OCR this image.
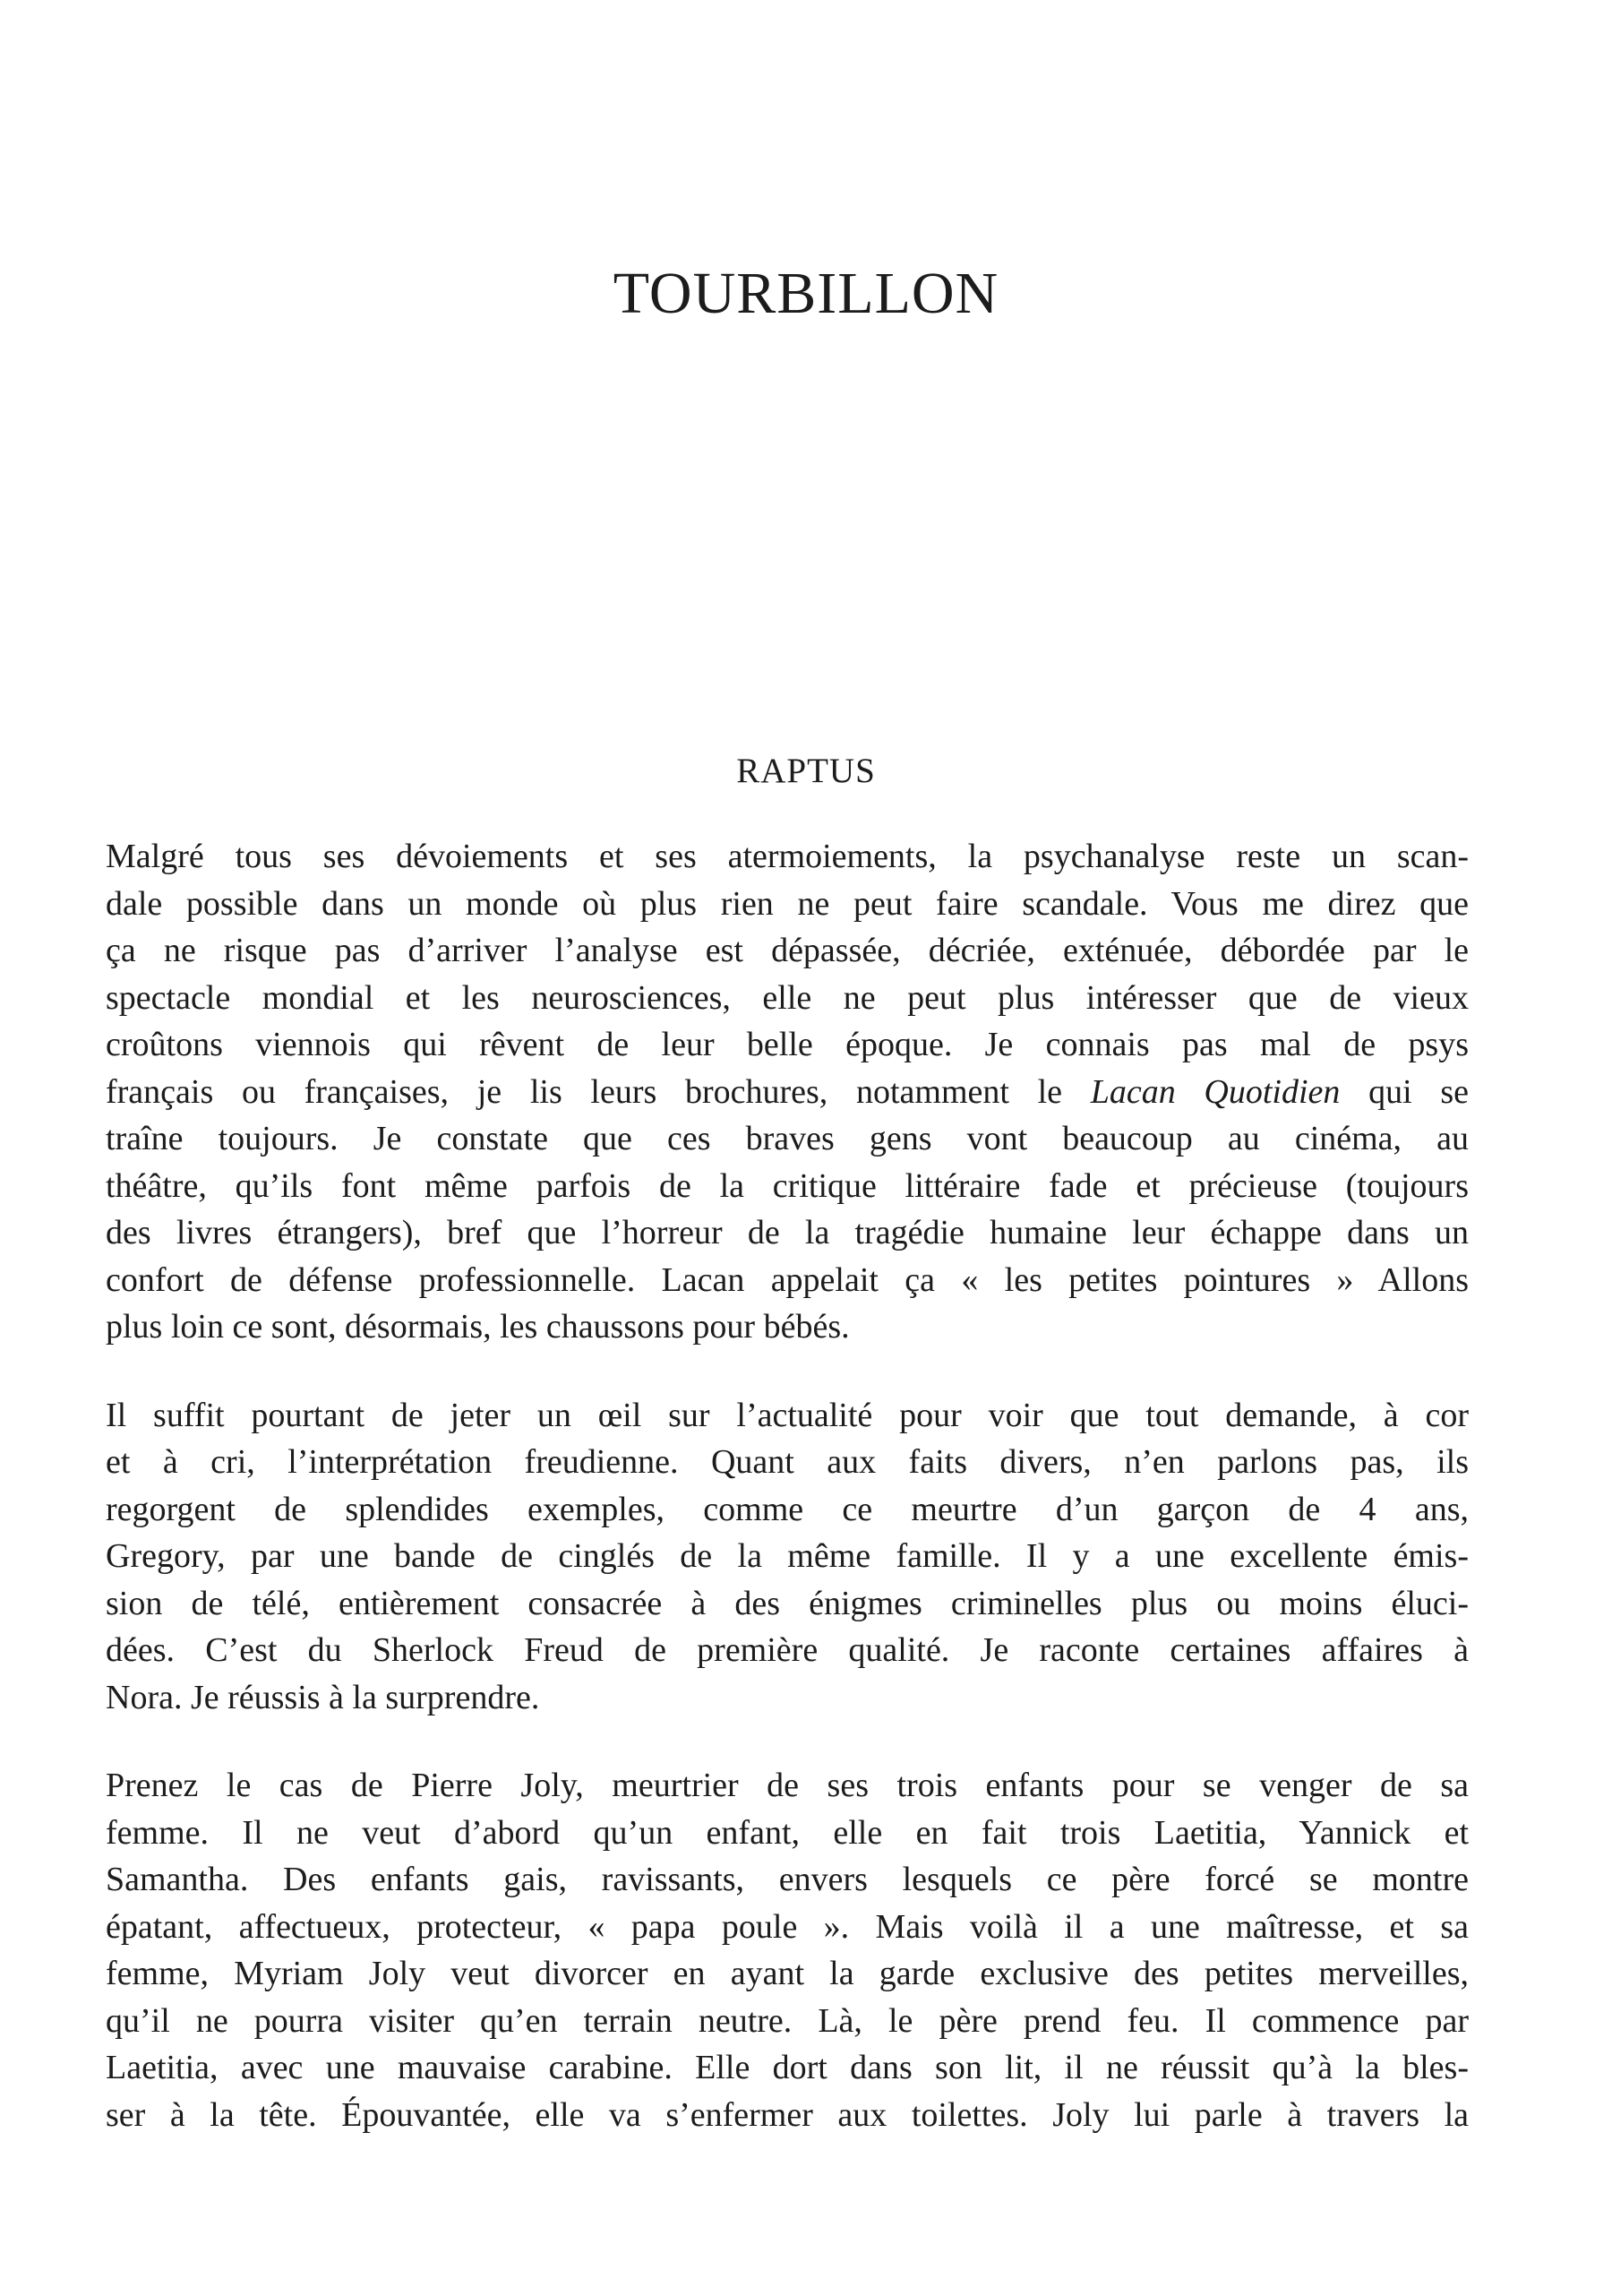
TOURBILLON
RAPTUS

Malgré tous ses dévoiements et ses atermoiements, la psychanalyse reste un scan-
dale possible dans un monde où plus rien ne peut faire scandale. Vous me direz que
ça ne risque pas d’arriver l’analyse est dépassée, décriée, exténuée, débordée par le
spectacle mondial et les neurosciences, elle ne peut plus intéresser que de vieux
croûtons viennois qui rêvent de leur belle époque. Je connais pas mal de psys
français ou françaises, je lis leurs brochures, notamment le Lacan Quotidien qui se
traîne toujours. Je constate que ces braves gens vont beaucoup au cinéma, au
théâtre, qu’ils font même parfois de la critique littéraire fade et précieuse (toujours
des livres étrangers), bref que l’horreur de la tragédie humaine leur échappe dans un
confort de défense professionnelle. Lacan appelait ça « les petites pointures » Allons
plus loin ce sont, désormais, les chaussons pour bébés.

Il suffit pourtant de jeter un œil sur l’actualité pour voir que tout demande, à cor
et à cri, l’interprétation freudienne. Quant aux faits divers, n’en parlons pas, ils
regorgent de splendides exemples, comme ce meurtre d’un garçon de 4 ans,
Gregory, par une bande de cinglés de la même famille. Il y a une excellente émis-
sion de télé, entièrement consacrée à des énigmes criminelles plus ou moins éluci-
dées. C’est du Sherlock Freud de première qualité. Je raconte certaines affaires à
Nora. Je réussis à la surprendre.

Prenez le cas de Pierre Joly, meurtrier de ses trois enfants pour se venger de sa
femme. Il ne veut d’abord qu’un enfant, elle en fait trois Laetitia, Yannick et
Samantha. Des enfants gais, ravissants, envers lesquels ce père forcé se montre
épatant, affectueux, protecteur, « papa poule ». Mais voilà il a une maîtresse, et sa
femme, Myriam Joly veut divorcer en ayant la garde exclusive des petites merveilles,
qu’il ne pourra visiter qu’en terrain neutre. Là, le père prend feu. Il commence par
Laetitia, avec une mauvaise carabine. Elle dort dans son lit, il ne réussit qu’à la bles-
ser à la tête. Épouvantée, elle va s’enfermer aux toilettes. Joly lui parle à travers la
